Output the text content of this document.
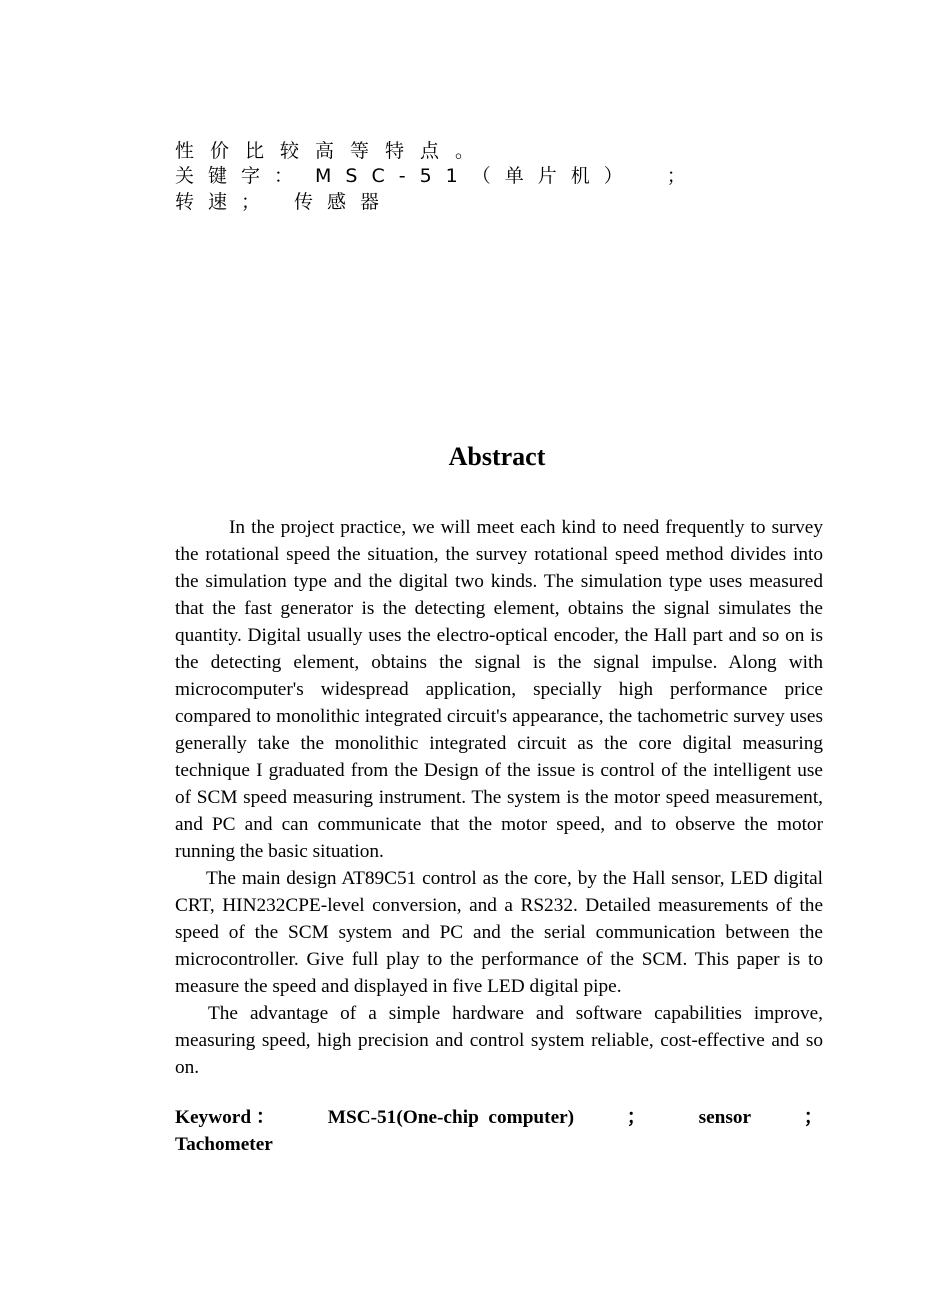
性价比较高等特点。
关键字： MSC-51（单片机） ；
转速； 传感器
Abstract

In the project practice, we will meet each kind to need frequently to survey the rotational speed the situation, the survey rotational speed method divides into the simulation type and the digital two kinds. The simulation type uses measured that the fast generator is the detecting element, obtains the signal simulates the quantity. Digital usually uses the electro-optical encoder, the Hall part and so on is the detecting element, obtains the signal is the signal impulse. Along with microcomputer's widespread application, specially high performance price compared to monolithic integrated circuit's appearance, the tachometric survey uses generally take the monolithic integrated circuit as the core digital measuring technique I graduated from the Design of the issue is control of the intelligent use of SCM speed measuring instrument. The system is the motor speed measurement, and PC and can communicate that the motor speed, and to observe the motor running the basic situation.

The main design AT89C51 control as the core, by the Hall sensor, LED digital CRT, HIN232CPE-level conversion, and a RS232. Detailed measurements of the speed of the SCM system and PC and the serial communication between the microcontroller. Give full play to the performance of the SCM. This paper is to measure the speed and displayed in five LED digital pipe.

The advantage of a simple hardware and software capabilities improve, measuring speed, high precision and control system reliable, cost-effective and so on.

Keyword ：	MSC-51(One-chip  computer)	；	sensor	；
Tachometer
